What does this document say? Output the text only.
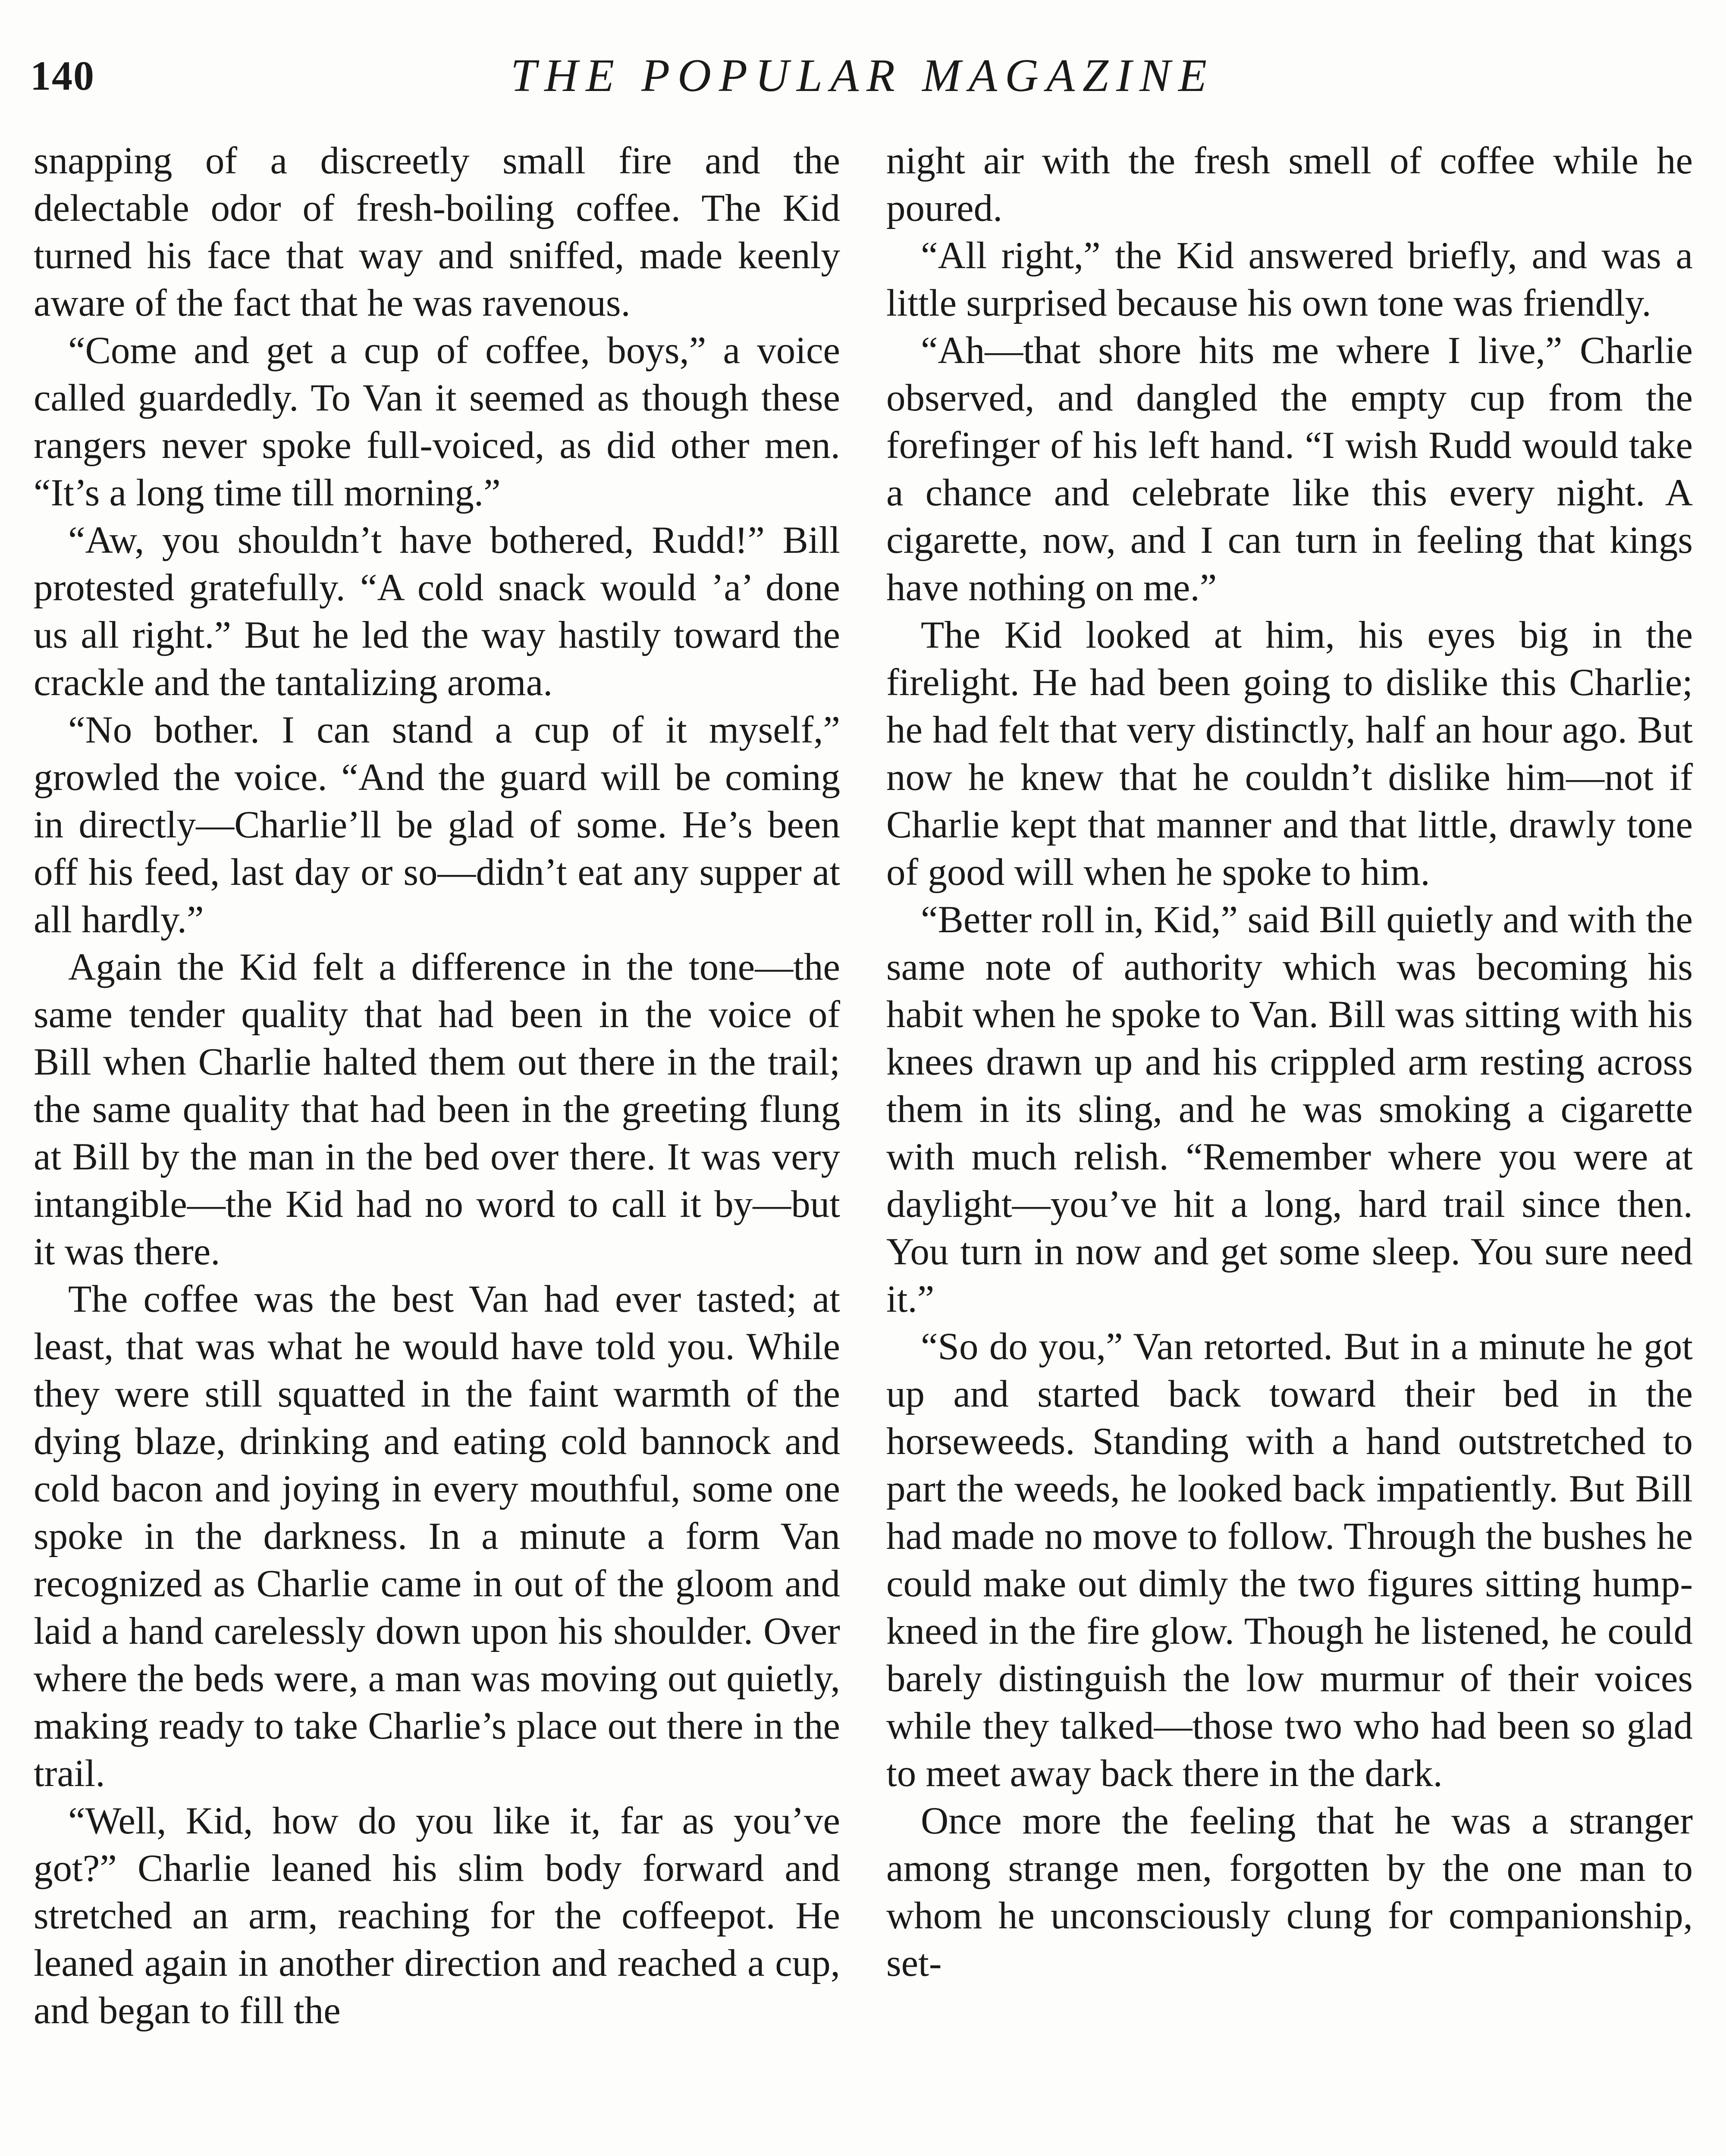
140	THE POPULAR MAGAZINE

snapping of a discreetly small fire and the delectable odor of fresh-boiling coffee. The Kid turned his face that way and sniffed, made keenly aware of the fact that he was ravenous.

“Come and get a cup of coffee, boys,” a voice called guardedly. To Van it seemed as though these rangers never spoke full-voiced, as did other men. “It’s a long time till morning.”

“Aw, you shouldn’t have bothered, Rudd!” Bill protested gratefully. “A cold snack would ’a’ done us all right.” But he led the way hastily toward the crackle and the tantalizing aroma.

“No bother. I can stand a cup of it myself,” growled the voice. “And the guard will be coming in directly—Charlie’ll be glad of some. He’s been off his feed, last day or so—didn’t eat any supper at all hardly.”

Again the Kid felt a difference in the tone—the same tender quality that had been in the voice of Bill when Charlie halted them out there in the trail; the same quality that had been in the greeting flung at Bill by the man in the bed over there. It was very intangible—the Kid had no word to call it by—but it was there.

The coffee was the best Van had ever tasted; at least, that was what he would have told you. While they were still squatted in the faint warmth of the dying blaze, drinking and eating cold bannock and cold bacon and joying in every mouthful, some one spoke in the darkness. In a minute a form Van recognized as Charlie came in out of the gloom and laid a hand carelessly down upon his shoulder. Over where the beds were, a man was moving out quietly, making ready to take Charlie’s place out there in the trail.

“Well, Kid, how do you like it, far as you’ve got?” Charlie leaned his slim body forward and stretched an arm, reaching for the coffeepot. He leaned again in another direction and reached a cup, and began to fill the

night air with the fresh smell of coffee while he poured.

“All right,” the Kid answered briefly, and was a little surprised because his own tone was friendly.

“Ah—that shore hits me where I live,” Charlie observed, and dangled the empty cup from the forefinger of his left hand. “I wish Rudd would take a chance and celebrate like this every night. A cigarette, now, and I can turn in feeling that kings have nothing on me.”

The Kid looked at him, his eyes big in the firelight. He had been going to dislike this Charlie; he had felt that very distinctly, half an hour ago. But now he knew that he couldn’t dislike him—not if Charlie kept that manner and that little, drawly tone of good will when he spoke to him.

“Better roll in, Kid,” said Bill quietly and with the same note of authority which was becoming his habit when he spoke to Van. Bill was sitting with his knees drawn up and his crippled arm resting across them in its sling, and he was smoking a cigarette with much relish. “Remember where you were at daylight—you’ve hit a long, hard trail since then. You turn in now and get some sleep. You sure need it.”

“So do you,” Van retorted. But in a minute he got up and started back toward their bed in the horseweeds. Standing with a hand outstretched to part the weeds, he looked back impatiently. But Bill had made no move to follow. Through the bushes he could make out dimly the two figures sitting hump-kneed in the fire glow. Though he listened, he could barely distinguish the low murmur of their voices while they talked—those two who had been so glad to meet away back there in the dark.

Once more the feeling that he was a stranger among strange men, forgotten by the one man to whom he unconsciously clung for companionship, set-
